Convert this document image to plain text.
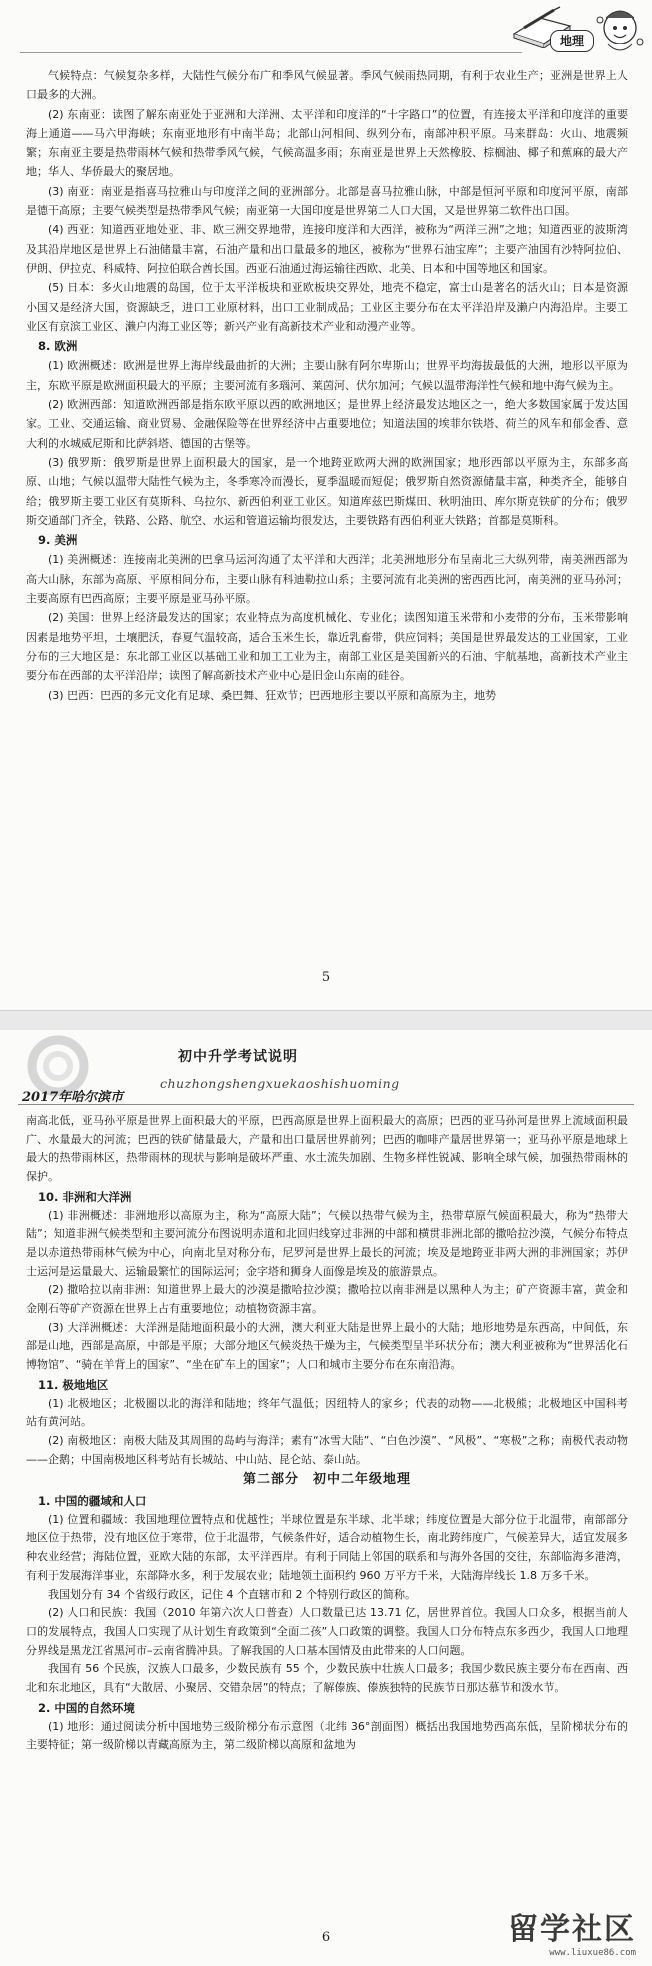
地理

气候特点：气候复杂多样，大陆性气候分布广和季风气候显著。季风气候雨热同期，有利于农业生产；亚洲是世界上人口最多的大洲。

(2) 东南亚：读图了解东南亚处于亚洲和大洋洲、太平洋和印度洋的“十字路口”的位置，有连接太平洋和印度洋的重要海上通道——马六甲海峡；东南亚地形有中南半岛；北部山河相间、纵列分布，南部冲积平原。马来群岛：火山、地震频繁；东南亚主要是热带雨林气候和热带季风气候，气候高温多雨；东南亚是世界上天然橡胶、棕榈油、椰子和蕉麻的最大产地；华人、华侨最大的聚居地。

(3) 南亚：南亚是指喜马拉雅山与印度洋之间的亚洲部分。北部是喜马拉雅山脉，中部是恒河平原和印度河平原，南部是德干高原；主要气候类型是热带季风气候；南亚第一大国印度是世界第二人口大国，又是世界第二软件出口国。

(4) 西亚：知道西亚地处亚、非、欧三洲交界地带，连接印度洋和大西洋，被称为“两洋三洲”之地；知道西亚的波斯湾及其沿岸地区是世界上石油储量丰富，石油产量和出口量最多的地区，被称为“世界石油宝库”；主要产油国有沙特阿拉伯、伊朗、伊拉克、科威特、阿拉伯联合酋长国。西亚石油通过海运输往西欧、北美、日本和中国等地区和国家。

(5) 日本：多火山地震的岛国，位于太平洋板块和亚欧板块交界处，地壳不稳定，富士山是著名的活火山；日本是资源小国又是经济大国，资源缺乏，进口工业原材料，出口工业制成品；工业区主要分布在太平洋沿岸及濑户内海沿岸。主要工业区有京滨工业区、濑户内海工业区等；新兴产业有高新技术产业和动漫产业等。

8. 欧洲

(1) 欧洲概述：欧洲是世界上海岸线最曲折的大洲；主要山脉有阿尔卑斯山；世界平均海拔最低的大洲，地形以平原为主，东欧平原是欧洲面积最大的平原；主要河流有多瑙河、莱茵河、伏尔加河；气候以温带海洋性气候和地中海气候为主。

(2) 欧洲西部：知道欧洲西部是指东欧平原以西的欧洲地区；是世界上经济最发达地区之一，绝大多数国家属于发达国家。工业、交通运输、商业贸易、金融保险等在世界经济中占重要地位；知道法国的埃菲尔铁塔、荷兰的风车和郁金香、意大利的水城威尼斯和比萨斜塔、德国的古堡等。

(3) 俄罗斯：俄罗斯是世界上面积最大的国家，是一个地跨亚欧两大洲的欧洲国家；地形西部以平原为主，东部多高原、山地；气候以温带大陆性气候为主，冬季寒冷而漫长，夏季温暖而短促；俄罗斯自然资源储量丰富，种类齐全，能够自给；俄罗斯主要工业区有莫斯科、乌拉尔、新西伯利亚工业区。知道库兹巴斯煤田、秋明油田、库尔斯克铁矿的分布；俄罗斯交通部门齐全，铁路、公路、航空、水运和管道运输均很发达，主要铁路有西伯利亚大铁路；首都是莫斯科。

9. 美洲

(1) 美洲概述：连接南北美洲的巴拿马运河沟通了太平洋和大西洋；北美洲地形分布呈南北三大纵列带，南美洲西部为高大山脉，东部为高原、平原相间分布，主要山脉有科迪勒拉山系；主要河流有北美洲的密西西比河，南美洲的亚马孙河；主要高原有巴西高原；主要平原是亚马孙平原。

(2) 美国：世界上经济最发达的国家；农业特点为高度机械化、专业化；读图知道玉米带和小麦带的分布，玉米带影响因素是地势平坦，土壤肥沃，春夏气温较高，适合玉米生长，靠近乳畜带，供应饲料；美国是世界最发达的工业国家，工业分布的三大地区是：东北部工业区以基础工业和加工工业为主，南部工业区是美国新兴的石油、宇航基地，高新技术产业主要分布在西部的太平洋沿岸；读图了解高新技术产业中心是旧金山东南的硅谷。

(3) 巴西：巴西的多元文化有足球、桑巴舞、狂欢节；巴西地形主要以平原和高原为主，地势

5
2017年哈尔滨市
初中升学考试说明
chuzhongshengxuekaoshishuoming

南高北低，亚马孙平原是世界上面积最大的平原，巴西高原是世界上面积最大的高原；巴西的亚马孙河是世界上流域面积最广、水量最大的河流；巴西的铁矿储量最大，产量和出口量居世界前列；巴西的咖啡产量居世界第一；亚马孙平原是地球上最大的热带雨林区，热带雨林的现状与影响是破坏严重、水土流失加剧、生物多样性锐减、影响全球气候，加强热带雨林的保护。

10. 非洲和大洋洲

(1) 非洲概述：非洲地形以高原为主，称为“高原大陆”；气候以热带气候为主，热带草原气候面积最大，称为“热带大陆”；知道非洲气候类型和主要河流分布图说明赤道和北回归线穿过非洲的中部和横贯非洲北部的撒哈拉沙漠，气候分布特点是以赤道热带雨林气候为中心，向南北呈对称分布，尼罗河是世界上最长的河流；埃及是地跨亚非两大洲的非洲国家；苏伊士运河是运量最大、运输最繁忙的国际运河；金字塔和狮身人面像是埃及的旅游景点。

(2) 撒哈拉以南非洲：知道世界上最大的沙漠是撒哈拉沙漠；撒哈拉以南非洲是以黑种人为主；矿产资源丰富，黄金和金刚石等矿产资源在世界上占有重要地位；动植物资源丰富。

(3) 大洋洲概述：大洋洲是陆地面积最小的大洲，澳大利亚大陆是世界上最小的大陆；地形地势是东西高，中间低，东部是山地，西部是高原，中部是平原；大部分地区气候炎热干燥为主，气候类型呈半环状分布；澳大利亚被称为“世界活化石博物馆”、“骑在羊背上的国家”、“坐在矿车上的国家”；人口和城市主要分布在东南沿海。

11. 极地地区

(1) 北极地区；北极圈以北的海洋和陆地；终年气温低；因纽特人的家乡；代表的动物——北极熊；北极地区中国科考站有黄河站。

(2) 南极地区：南极大陆及其周围的岛屿与海洋；素有“冰雪大陆”、“白色沙漠”、“风极”、“寒极”之称；南极代表动物——企鹅；中国南极地区科考站有长城站、中山站、昆仑站、泰山站。

第二部分　初中二年级地理

1. 中国的疆域和人口

(1) 位置和疆域：我国地理位置特点和优越性；半球位置是东半球、北半球；纬度位置是大部分位于北温带，南部部分地区位于热带，没有地区位于寒带，位于北温带，气候条件好，适合动植物生长，南北跨纬度广，气候差异大，适宜发展多种农业经营；海陆位置，亚欧大陆的东部，太平洋西岸。有利于同陆上邻国的联系和与海外各国的交往，东部临海多港湾，有利于发展海洋事业，东部降水多，利于发展农业；陆地领土面积约 960 万平方千米，大陆海岸线长 1.8 万多千米。

我国划分有 34 个省级行政区，记住 4 个直辖市和 2 个特别行政区的简称。

(2) 人口和民族：我国（2010 年第六次人口普查）人口数量已达 13.71 亿，居世界首位。我国人口众多，根据当前人口的发展特点，我国人口实现了从计划生育政策到“全面二孩”人口政策的调整。我国人口分布特点东多西少，我国人口地理分界线是黑龙江省黑河市–云南省腾冲县。了解我国的人口基本国情及由此带来的人口问题。

我国有 56 个民族，汉族人口最多，少数民族有 55 个，少数民族中壮族人口最多；我国少数民族主要分布在西南、西北和东北地区，具有“大散居、小聚居、交错杂居”的特点；了解傣族、傣族独特的民族节日那达慕节和泼水节。

2. 中国的自然环境

(1) 地形：通过阅读分析中国地势三级阶梯分布示意图（北纬 36°剖面图）概括出我国地势西高东低，呈阶梯状分布的主要特征；第一级阶梯以青藏高原为主，第二级阶梯以高原和盆地为

6	留学社区
www.liuxue86.com
